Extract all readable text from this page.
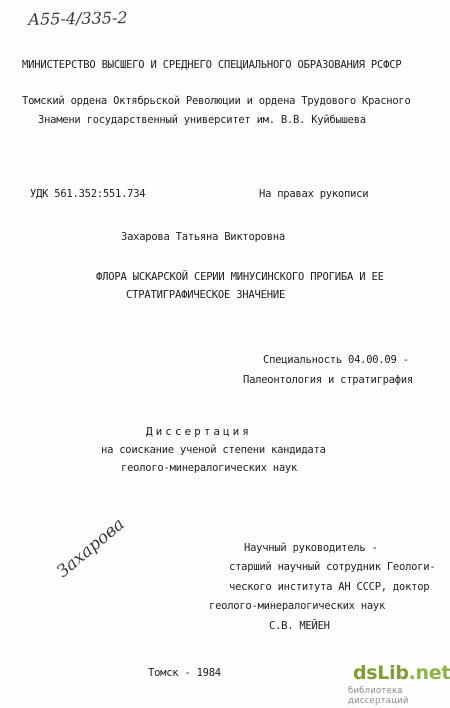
А55-4/335-2
МИНИСТЕРСТВО ВЫСШЕГО И СРЕДНЕГО СПЕЦИАЛЬНОГО ОБРАЗОВАНИЯ РСФСР
Томский ордена Октябрьской Революции и ордена Трудового Красного
Знамени государственный университет им. В.В. Куйбышева
УДК 561.352:551.734	На правах рукописи
Захарова Татьяна Викторовна
ФЛОРА ЫСКАРСКОЙ СЕРИИ МИНУСИНСКОГО ПРОГИБА И ЕЕ
СТРАТИГРАФИЧЕСКОЕ ЗНАЧЕНИЕ
Специальность 04.00.09 -
Палеонтология и стратиграфия
Диссертация
на соискание ученой степени кандидата
геолого-минералогических наук
Захарова	Научный руководитель -
старший научный сотрудник Геологи-
ческого института АН СССР, доктор
геолого-минералогических наук
С.В. МЕЙЕН
Томск - 1984	dsLib.net
библиотека диссертаций
